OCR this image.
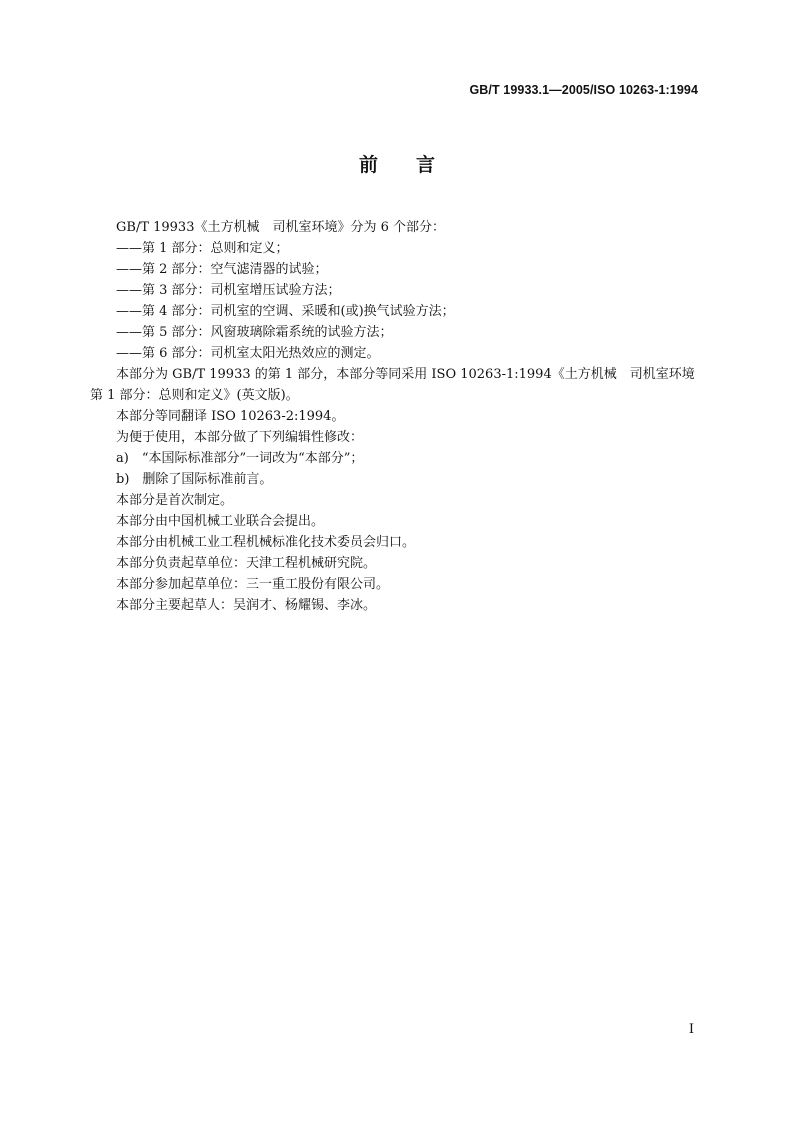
GB/T 19933.1—2005/ISO 10263-1:1994
前 言
GB/T 19933《土方机械　司机室环境》分为 6 个部分：
——第 1 部分：总则和定义；
——第 2 部分：空气滤清器的试验；
——第 3 部分：司机室增压试验方法；
——第 4 部分：司机室的空调、采暖和(或)换气试验方法；
——第 5 部分：风窗玻璃除霜系统的试验方法；
——第 6 部分：司机室太阳光热效应的测定。
本部分为 GB/T 19933 的第 1 部分，本部分等同采用 ISO 10263-1:1994《土方机械　司机室环境
第 1 部分：总则和定义》(英文版)。
本部分等同翻译 ISO 10263-2:1994。
为便于使用，本部分做了下列编辑性修改：
a)　“本国际标准部分”一词改为“本部分”；
b)　删除了国际标准前言。
本部分是首次制定。
本部分由中国机械工业联合会提出。
本部分由机械工业工程机械标准化技术委员会归口。
本部分负责起草单位：天津工程机械研究院。
本部分参加起草单位：三一重工股份有限公司。
本部分主要起草人：吴润才、杨耀锡、李冰。
I
